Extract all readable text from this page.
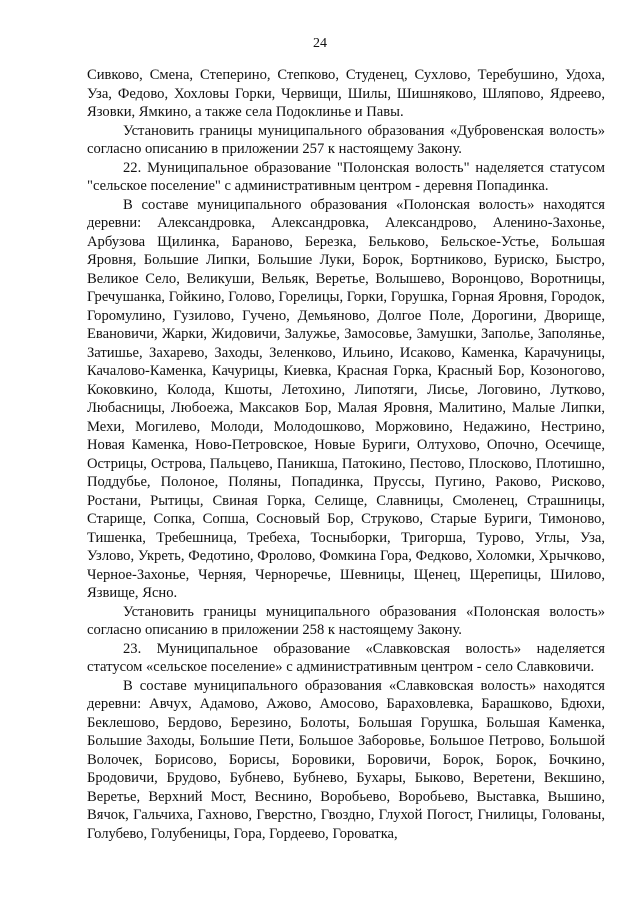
24

Сивково, Смена, Степерино, Степково, Студенец, Сухлово, Теребушино, Удоха, Уза, Федово, Хохловы Горки, Червищи, Шилы, Шишняково, Шляпово, Ядреево, Язовки, Ямкино, а также села Подоклинье и Павы.

Установить границы муниципального образования «Дубровенская волость» согласно описанию в приложении 257 к настоящему Закону.

22. Муниципальное образование "Полонская волость" наделяется статусом "сельское поселение" с административным центром - деревня Попадинка.

В составе муниципального образования «Полонская волость» находятся деревни: Александровка, Александровка, Александрово, Аленино-Захонье, Арбузова Щилинка, Бараново, Березка, Бельково, Бельское-Устье, Большая Яровня, Большие Липки, Большие Луки, Борок, Бортниково, Буриско, Быстро, Великое Село, Великуши, Вельяк, Веретье, Волышево, Воронцово, Воротницы, Гречушанка, Гойкино, Голово, Горелицы, Горки, Горушка, Горная Яровня, Городок, Горомулино, Гузилово, Гучено, Демьяново, Долгое Поле, Дорогини, Дворище, Евановичи, Жарки, Жидовичи, Залужье, Замосовье, Замушки, Заполье, Заполянье, Затишье, Захарево, Заходы, Зеленково, Ильино, Исаково, Каменка, Карачуницы, Качалово-Каменка, Качурицы, Киевка, Красная Горка, Красный Бор, Козоногово, Коковкино, Колода, Кшоты, Летохино, Липотяги, Лисье, Логовино, Лутково, Любасницы, Любоежа, Максаков Бор, Малая Яровня, Малитино, Малые Липки, Мехи, Могилево, Молоди, Молодошково, Моржовино, Недажино, Нестрино, Новая Каменка, Ново-Петровское, Новые Буриги, Олтухово, Опочно, Осечище, Острицы, Острова, Пальцево, Паникша, Патокино, Пестово, Плосково, Плотишно, Поддубье, Полоное, Поляны, Попадинка, Пруссы, Пугино, Раково, Рисково, Ростани, Рытицы, Свиная Горка, Селище, Славницы, Смоленец, Страшницы, Старище, Сопка, Сопша, Сосновый Бор, Струково, Старые Буриги, Тимоново, Тишенка, Требешница, Требеха, Тосныборки, Тригорша, Турово, Углы, Уза, Узлово, Укреть, Федотино, Фролово, Фомкина Гора, Федково, Холомки, Хрычково, Черное-Захонье, Черняя, Черноречье, Шевницы, Щенец, Щерепицы, Шилово, Язвище, Ясно.

Установить границы муниципального образования «Полонская волость» согласно описанию в приложении 258 к настоящему Закону.

23. Муниципальное образование «Славковская волость» наделяется статусом «сельское поселение» с административным центром - село Славковичи.

В составе муниципального образования «Славковская волость» находятся деревни: Авчух, Адамово, Ажово, Амосово, Бараховлевка, Барашково, Бдюхи, Беклешово, Бердово, Березино, Болоты, Большая Горушка, Большая Каменка, Большие Заходы, Большие Пети, Большое Заборовье, Большое Петрово, Большой Волочек, Борисово, Борисы, Боровики, Боровичи, Борок, Борок, Бочкино, Бродовичи, Брудово, Бубнево, Бубнево, Бухары, Быково, Веретени, Векшино, Веретье, Верхний Мост, Веснино, Воробьево, Воробьево, Выставка, Вышино, Вячок, Гальчиха, Гахново, Гверстно, Гвоздно, Глухой Погост, Гнилицы, Голованы, Голубево, Голубеницы, Гора, Гордеево, Горoватка,
